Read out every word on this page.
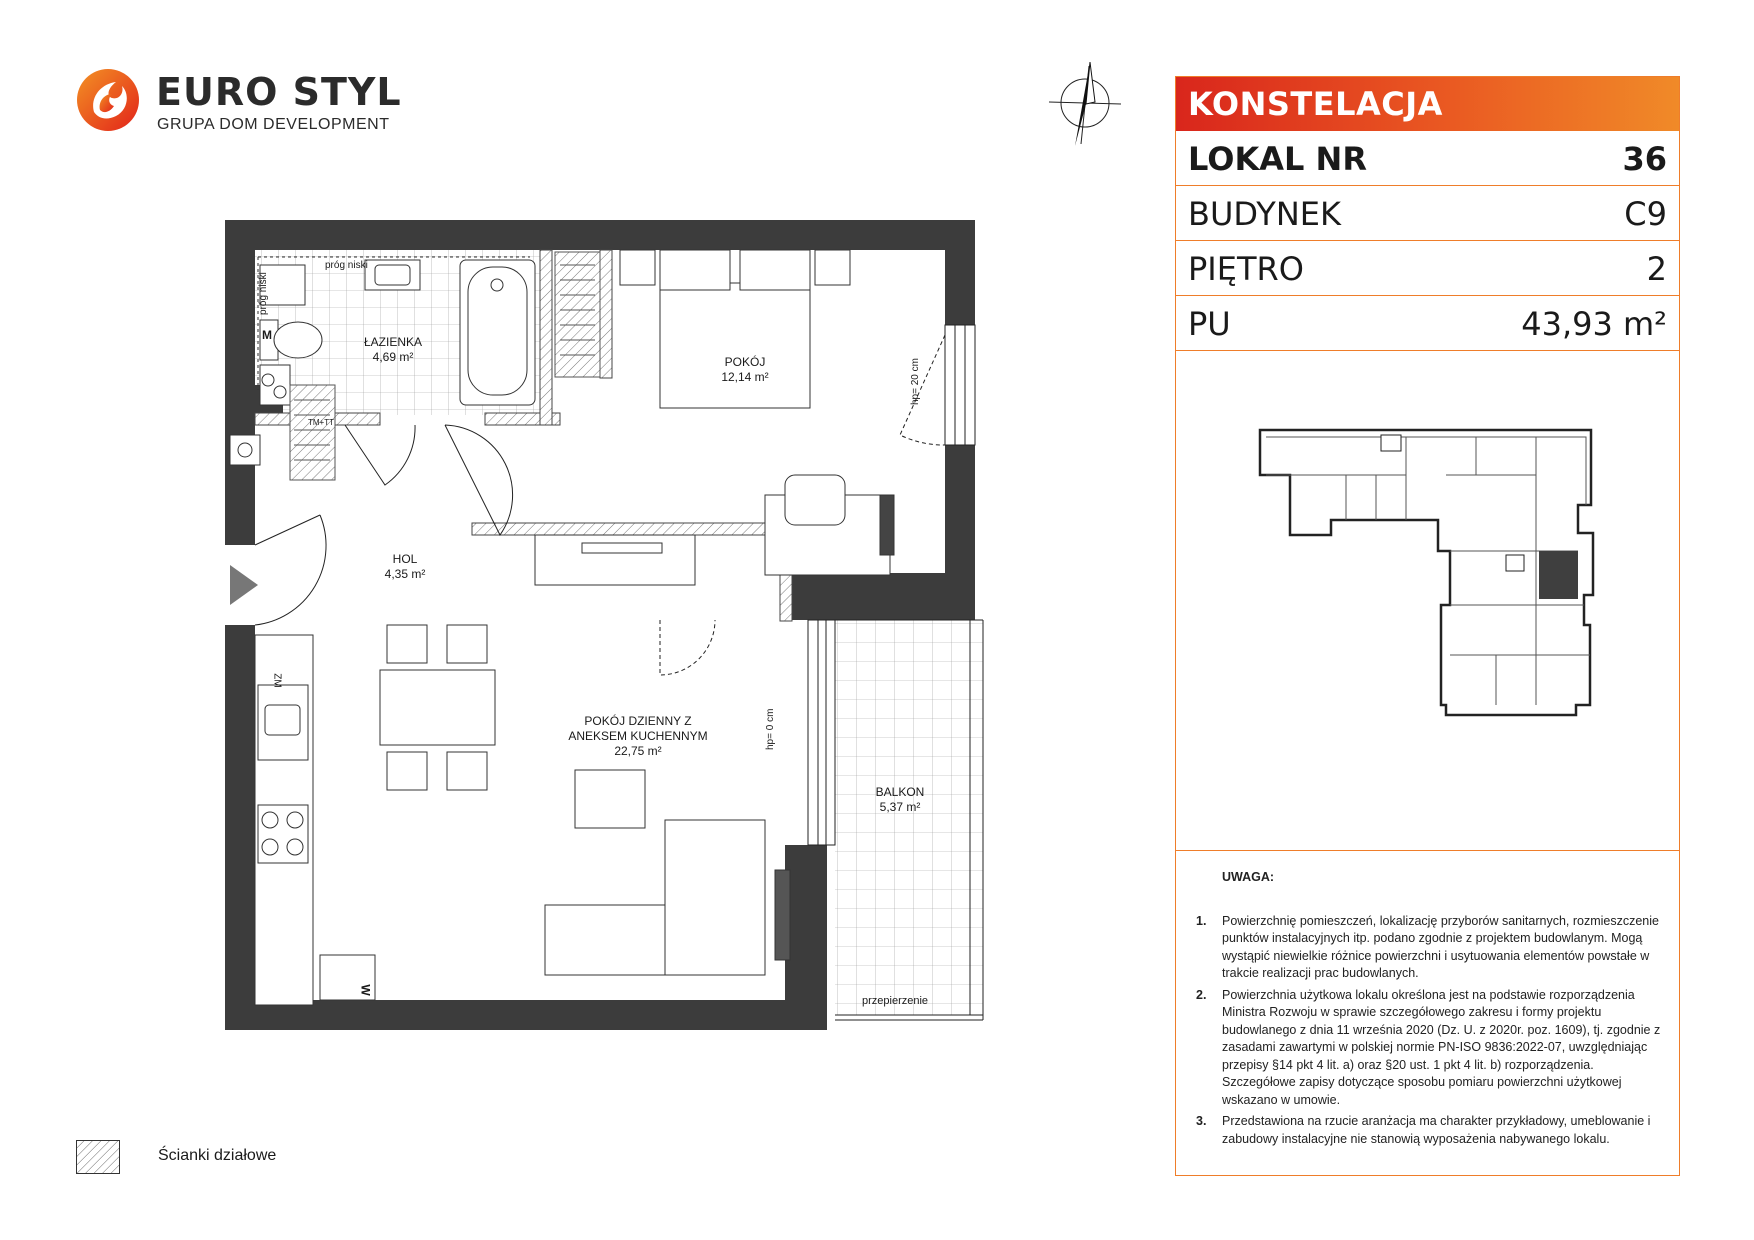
EURO STYL
GRUPA DOM DEVELOPMENT
ŁAZIENKA
4,69 m²	POKÓJ
12,14 m²
HOL
4,35 m²
POKÓJ DZIENNY Z
ANEKSEM KUCHENNYM
22,75 m²
BALKON
5,37 m²
próg niski
próg niski
hp= 20 cm
hp= 0 cm
przepierzenie
TM+TT
ZM
W
M
KONSTELACJA
LOKAL NR	36
BUDYNEK	C9
PIĘTRO	2
PU	43,93 m²
UWAGA:
1.	Powierzchnię pomieszczeń, lokalizację przyborów sanitarnych, rozmieszczenie punktów instalacyjnych itp. podano zgodnie z projektem budowlanym. Mogą wystąpić niewielkie różnice powierzchni i usytuowania elementów powstałe w trakcie realizacji prac budowlanych.
2.	Powierzchnia użytkowa lokalu określona jest na podstawie rozporządzenia Ministra Rozwoju w sprawie szczegółowego zakresu i formy projektu budowlanego z dnia 11 września 2020 (Dz. U. z 2020r. poz. 1609), tj. zgodnie z zasadami zawartymi w polskiej normie PN-ISO 9836:2022-07, uwzględniając przepisy §14 pkt 4 lit. a) oraz §20 ust. 1 pkt 4 lit. b) rozporządzenia. Szczegółowe zapisy dotyczące sposobu pomiaru powierzchni użytkowej wskazano w umowie.
3.	Przedstawiona na rzucie aranżacja ma charakter przykładowy, umeblowanie i zabudowy instalacyjne nie stanowią wyposażenia nabywanego lokalu.
Ścianki działowe
